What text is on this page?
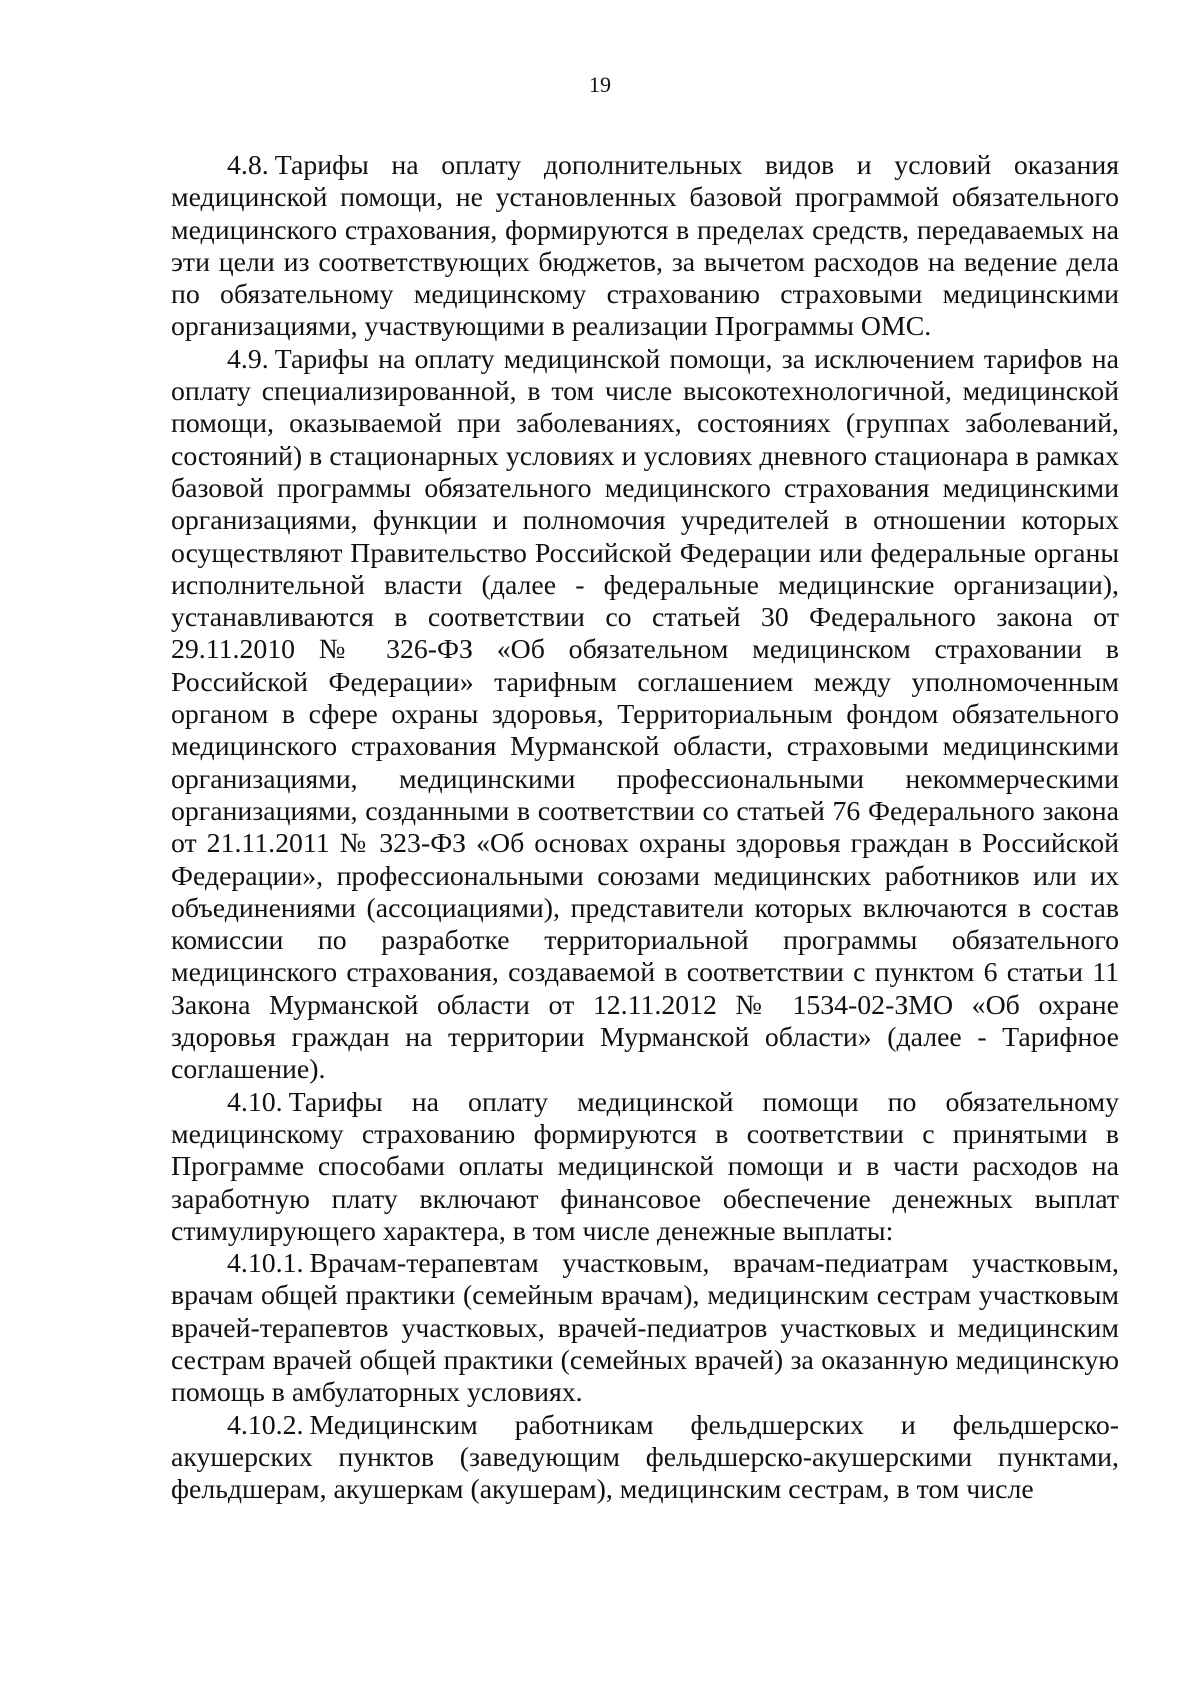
19

4.8. Тарифы на оплату дополнительных видов и условий оказания медицинской помощи, не установленных базовой программой обязательного медицинского страхования, формируются в пределах средств, передаваемых на эти цели из соответствующих бюджетов, за вычетом расходов на ведение дела по обязательному медицинскому страхованию страховыми медицинскими организациями, участвующими в реализации Программы ОМС.

4.9. Тарифы на оплату медицинской помощи, за исключением тарифов на оплату специализированной, в том числе высокотехнологичной, медицинской помощи, оказываемой при заболеваниях, состояниях (группах заболеваний, состояний) в стационарных условиях и условиях дневного стационара в рамках базовой программы обязательного медицинского страхования медицинскими организациями, функции и полномочия учредителей в отношении которых осуществляют Правительство Российской Федерации или федеральные органы исполнительной власти (далее - федеральные медицинские организации), устанавливаются в соответствии со статьей 30 Федерального закона от 29.11.2010 № 326-ФЗ «Об обязательном медицинском страховании в Российской Федерации» тарифным соглашением между уполномоченным органом в сфере охраны здоровья, Территориальным фондом обязательного медицинского страхования Мурманской области, страховыми медицинскими организациями, медицинскими профессиональными некоммерческими организациями, созданными в соответствии со статьей 76 Федерального закона от 21.11.2011 № 323-ФЗ «Об основах охраны здоровья граждан в Российской Федерации», профессиональными союзами медицинских работников или их объединениями (ассоциациями), представители которых включаются в состав комиссии по разработке территориальной программы обязательного медицинского страхования, создаваемой в соответствии с пунктом 6 статьи 11 Закона Мурманской области от 12.11.2012 № 1534-02-ЗМО «Об охране здоровья граждан на территории Мурманской области» (далее - Тарифное соглашение).

4.10. Тарифы на оплату медицинской помощи по обязательному медицинскому страхованию формируются в соответствии с принятыми в Программе способами оплаты медицинской помощи и в части расходов на заработную плату включают финансовое обеспечение денежных выплат стимулирующего характера, в том числе денежные выплаты:

4.10.1. Врачам-терапевтам участковым, врачам-педиатрам участковым, врачам общей практики (семейным врачам), медицинским сестрам участковым врачей-терапевтов участковых, врачей-педиатров участковых и медицинским сестрам врачей общей практики (семейных врачей) за оказанную медицинскую помощь в амбулаторных условиях.

4.10.2. Медицинским работникам фельдшерских и фельдшерско-акушерских пунктов (заведующим фельдшерско-акушерскими пунктами, фельдшерам, акушеркам (акушерам), медицинским сестрам, в том числе
